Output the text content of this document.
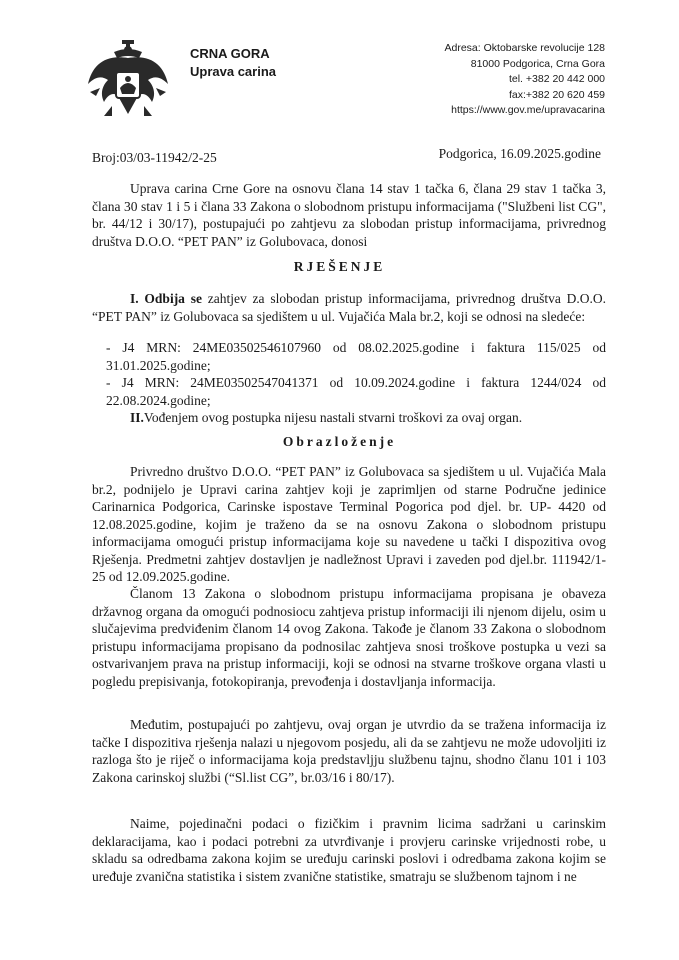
CRNA GORA
Uprava carina
Adresa: Oktobarske revolucije 128
81000 Podgorica, Crna Gora
tel. +382 20 442 000
fax:+382 20 620 459
https://www.gov.me/upravacarina
Broj:03/03-11942/2-25	Podgorica, 16.09.2025.godine

Uprava carina Crne Gore na osnovu člana 14 stav 1 tačka 6, člana 29 stav 1 tačka 3, člana 30 stav 1 i 5 i člana 33 Zakona o slobodnom pristupu informacijama ("Službeni list CG", br. 44/12 i 30/17), postupajući po zahtjevu za slobodan pristup informacijama, privrednog društva D.O.O. “PET PAN” iz Golubovaca, donosi

RJEŠENJE

I. Odbija se zahtjev za slobodan pristup informacijama, privrednog društva D.O.O. “PET PAN” iz Golubovaca sa sjedištem u ul. Vujačića Mala br.2, koji se odnosi na sledeće:

- J4 MRN: 24ME03502546107960 od 08.02.2025.godine i faktura 115/025 od 31.01.2025.godine;

- J4 MRN: 24ME03502547041371 od 10.09.2024.godine i faktura 1244/024 od 22.08.2024.godine;

II.Vođenjem ovog postupka nijesu nastali stvarni troškovi za ovaj organ.

Obrazloženje

Privredno društvo D.O.O. “PET PAN” iz Golubovaca sa sjedištem u ul. Vujačića Mala br.2, podnijelo je Upravi carina zahtjev koji je zaprimljen od starne Područne jedinice Carinarnica Podgorica, Carinske ispostave Terminal Pogorica pod djel. br. UP- 4420 od 12.08.2025.godine, kojim je traženo da se na osnovu Zakona o slobodnom pristupu informacijama omogući pristup informacijama koje su navedene u tački I dispozitiva ovog Rješenja. Predmetni zahtjev dostavljen je nadležnost Upravi i zaveden pod djel.br. 111942/1-25 od 12.09.2025.godine.

Članom 13 Zakona o slobodnom pristupu informacijama propisana je obaveza državnog organa da omogući podnosiocu zahtjeva pristup informaciji ili njenom dijelu, osim u slučajevima predviđenim članom 14 ovog Zakona. Takođe je članom 33 Zakona o slobodnom pristupu informacijama propisano da podnosilac zahtjeva snosi troškove postupka u vezi sa ostvarivanjem prava na pristup informaciji, koji se odnosi na stvarne troškove organa vlasti u pogledu prepisivanja, fotokopiranja, prevođenja i dostavljanja informacija.

Međutim, postupajući po zahtjevu, ovaj organ je utvrdio da se tražena informacija iz tačke I dispozitiva rješenja nalazi u njegovom posjedu, ali da se zahtjevu ne može udovoljiti iz razloga što je riječ o informacijama koja predstavljju službenu tajnu, shodno članu 101 i 103 Zakona carinskoj službi (“Sl.list CG”, br.03/16 i 80/17).

Naime, pojedinačni podaci o fizičkim i pravnim licima sadržani u carinskim deklaracijama, kao i podaci potrebni za utvrđivanje i provjeru carinske vrijednosti robe, u skladu sa odredbama zakona kojim se uređuju carinski poslovi i odredbama zakona kojim se uređuje zvanična statistika i sistem zvanične statistike, smatraju se službenom tajnom i ne
